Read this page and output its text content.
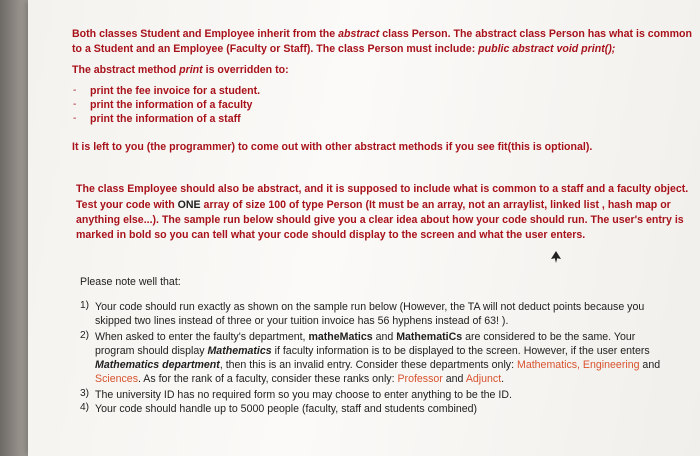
Both classes Student and Employee inherit from the abstract class Person. The abstract class Person has what is common
to a Student and an Employee (Faculty or Staff). The class Person must include: public abstract void print();
The abstract method print is overridden to:
- print the fee invoice for a student.
- print the information of a faculty
- print the information of a staff
It is left to you (the programmer) to come out with other abstract methods if you see fit(this is optional).
The class Employee should also be abstract, and it is supposed to include what is common to a staff and a faculty object.
Test your code with ONE array of size 100 of type Person (It must be an array, not an arraylist, linked list , hash map or
anything else...). The sample run below should give you a clear idea about how your code should run. The user's entry is
marked in bold so you can tell what your code should display to the screen and what the user enters.
Please note well that:
1) Your code should run exactly as shown on the sample run below (However, the TA will not deduct points because you
skipped two lines instead of three or your tuition invoice has 56 hyphens instead of 63! ).
2) When asked to enter the faulty's department, matheMatics and MathematiCs are considered to be the same. Your
program should display Mathematics if faculty information is to be displayed to the screen. However, if the user enters
Mathematics department, then this is an invalid entry. Consider these departments only: Mathematics, Engineering and
Sciences. As for the rank of a faculty, consider these ranks only: Professor and Adjunct.
3) The university ID has no required form so you may choose to enter anything to be the ID.
4) Your code should handle up to 5000 people (faculty, staff and students combined)
